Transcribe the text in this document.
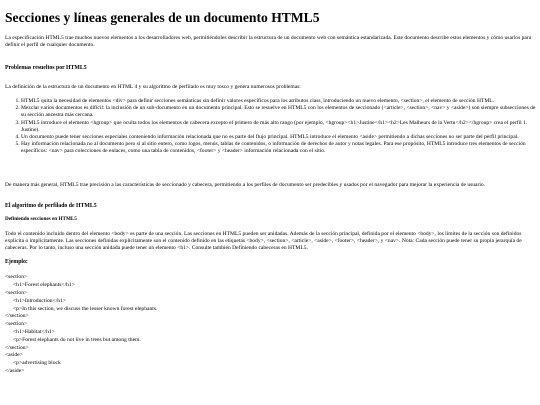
Secciones y líneas generales de un documento HTML5

La especificación HTML5 trae muchos nuevos elementos a los desarrolladores web, permitiéndoles describir la estructura de un documento web con semántica estandarizada. Este documento describe estos elementos y cómo usarlos para definir el perfil de cualquier documento.

Problemas resueltos por HTML5

La definición de la estructura de un documento en HTML 4 y su algoritmo de perfilado es muy tosco y genera numerosos problemas:

1. HTML5 quita la necesidad de elementos <div> para definir secciones semánticas sin definir valores específicos para los atributos class, introduciendo un nuevo elemento, <section>, el elemento de sección HTML.
2. Mezclar varios documentos es difícil: la inclusión de un sub-documento en un documento principal. Esto se resuelve en HTML5 con los elementos de seccionado (<article>, <section>, <nav> y <aside>) son siempre subsecciones de su sección ancestra más cercana.
3. HTML5 introduce el elemento <hgroup> que oculta todos los elementos de cabecera excepto el primero de más alto rango (por ejemplo, <hgroup><h1>Justine</h1><h2>Les Malheurs de la Vertu</h2></hgroup> crea el perfil 1. Justine).
4. Un documento puede tener secciones especiales conteniendo información relacionada que no es parte del flujo principal. HTML5 introduce el elemento <aside> permitiendo a dichas secciones no ser parte del perfil principal.
5. Hay información relacionada no al documento pero si al sitio entero, como logos, menús, tablas de contenidos, o información de derechos de autor y notas legales. Para ese propósito, HTML5 introduce tres elementos de sección específicos: <nav> para colecciones de enlaces, como una tabla de contenidos, <footer> y <header> información relacionada con el sitio.

De manera más general, HTML5 trae precisión a las características de seccionado y cabecera, permitiendo a los perfiles de documento ser predecibles y usados por el navegador para mejorar la experiencia de usuario.

El algoritmo de perfilado de HTML5
Definiendo secciones en HTML5

Todo el contenido incluido dentro del elemento <body> es parte de una sección. Las secciones en HTML5 pueden ser anidadas. Además de la sección principal, definida por el elemento <body>, los límites de la sección son definidos explícita o implícitamente. Las secciones definidas explícitamente son el contenido definido en las etiquetas <body>, <section>, <article>, <aside>, <footer>, <header>, y <nav>. Nota: Cada sección puede tener su propia jerarquía de cabeceras. Por lo tanto, incluso una sección anidada puede tener un elemento <h1>. Consulte también Definiendo cabeceras en HTML5.

Ejemplo:
<section>
<h1>Forest elephants</h1>
<section>
<h1>Introduction</h1>
<p>In this section, we discuss the lesser known forest elephants.
</section>
<section>
<h1>Habitat</h1>
<p>Forest elephants do not live in trees but among them.
</section>
<aside>
<p>advertising block
</aside>
